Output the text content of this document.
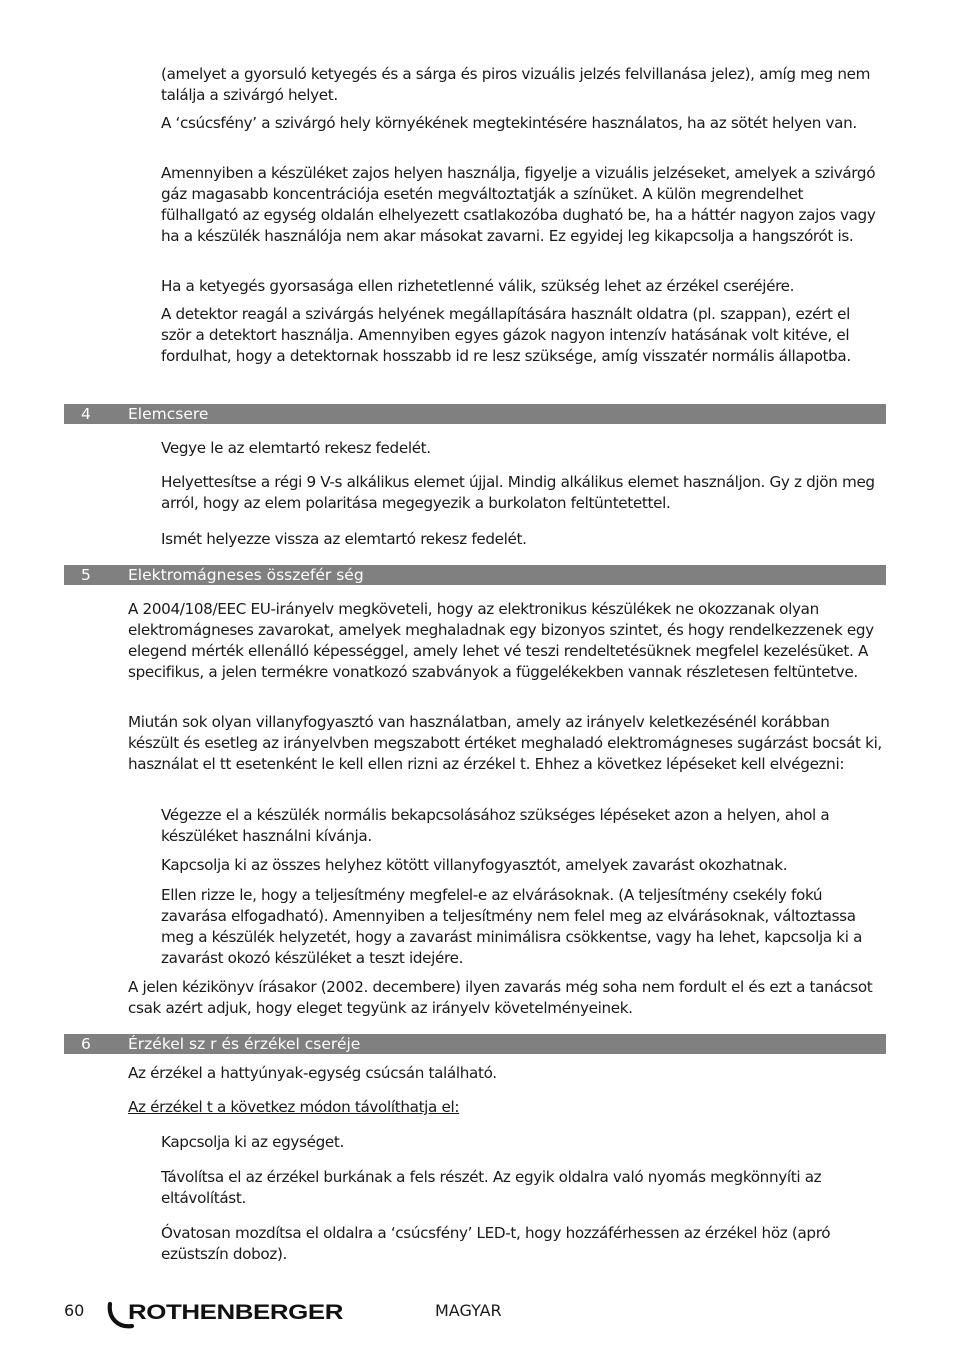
(amelyet a gyorsuló ketyegés és a sárga és piros vizuális jelzés felvillanása jelez), amíg meg nem találja a szivárgó helyet.

A ‘csúcsfény’ a szivárgó hely környékének megtekintésére használatos, ha az sötét helyen van.

Amennyiben a készüléket zajos helyen használja, figyelje a vizuális jelzéseket, amelyek a szivárgó gáz magasabb koncentrációja esetén megváltoztatják a színüket. A külön megrendelhet fülhallgató az egység oldalán elhelyezett csatlakozóba dugható be, ha a háttér nagyon zajos vagy ha a készülék használója nem akar másokat zavarni. Ez egyidej leg kikapcsolja a hangszórót is.

Ha a ketyegés gyorsasága ellen rizhetetlenné válik, szükség lehet az érzékel cseréjére.

A detektor reagál a szivárgás helyének megállapítására használt oldatra (pl. szappan), ezért el ször a detektort használja. Amennyiben egyes gázok nagyon intenzív hatásának volt kitéve, el fordulhat, hogy a detektornak hosszabb id re lesz szüksége, amíg visszatér normális állapotba.

4 Elemcsere

Vegye le az elemtartó rekesz fedelét.

Helyettesítse a régi 9 V-s alkálikus elemet újjal. Mindig alkálikus elemet használjon. Gy z djön meg arról, hogy az elem polaritása megegyezik a burkolaton feltüntetettel.

Ismét helyezze vissza az elemtartó rekesz fedelét.

5 Elektromágneses összefér ség

A 2004/108/EEC EU-irányelv megköveteli, hogy az elektronikus készülékek ne okozzanak olyan elektromágneses zavarokat, amelyek meghaladnak egy bizonyos szintet, és hogy rendelkezzenek egy elegend mérték ellenálló képességgel, amely lehet vé teszi rendeltetésüknek megfelel kezelésüket. A specifikus, a jelen termékre vonatkozó szabványok a függelékekben vannak részletesen feltüntetve.

Miután sok olyan villanyfogyasztó van használatban, amely az irányelv keletkezésénél korábban készült és esetleg az irányelvben megszabott értéket meghaladó elektromágneses sugárzást bocsát ki, használat el tt esetenként le kell ellen rizni az érzékel t. Ehhez a következ lépéseket kell elvégezni:

Végezze el a készülék normális bekapcsolásához szükséges lépéseket azon a helyen, ahol a készüléket használni kívánja.

Kapcsolja ki az összes helyhez kötött villanyfogyasztót, amelyek zavarást okozhatnak.

Ellen rizze le, hogy a teljesítmény megfelel-e az elvárásoknak. (A teljesítmény csekély fokú zavarása elfogadható). Amennyiben a teljesítmény nem felel meg az elvárásoknak, változtassa meg a készülék helyzetét, hogy a zavarást minimálisra csökkentse, vagy ha lehet, kapcsolja ki a zavarást okozó készüléket a teszt idejére.

A jelen kézikönyv írásakor (2002. decembere) ilyen zavarás még soha nem fordult el és ezt a tanácsot csak azért adjuk, hogy eleget tegyünk az irányelv követelményeinek.

6 Érzékel sz r és érzékel cseréje

Az érzékel a hattyúnyak-egység csúcsán található.

Az érzékel t a következ módon távolíthatja el:

Kapcsolja ki az egységet.

Távolítsa el az érzékel burkának a fels részét. Az egyik oldalra való nyomás megkönnyíti az eltávolítást.

Óvatosan mozdítsa el oldalra a ‘csúcsfény’ LED-t, hogy hozzáférhessen az érzékel höz (apró ezüstszín doboz).

60 ROTHENBERGER	MAGYAR
